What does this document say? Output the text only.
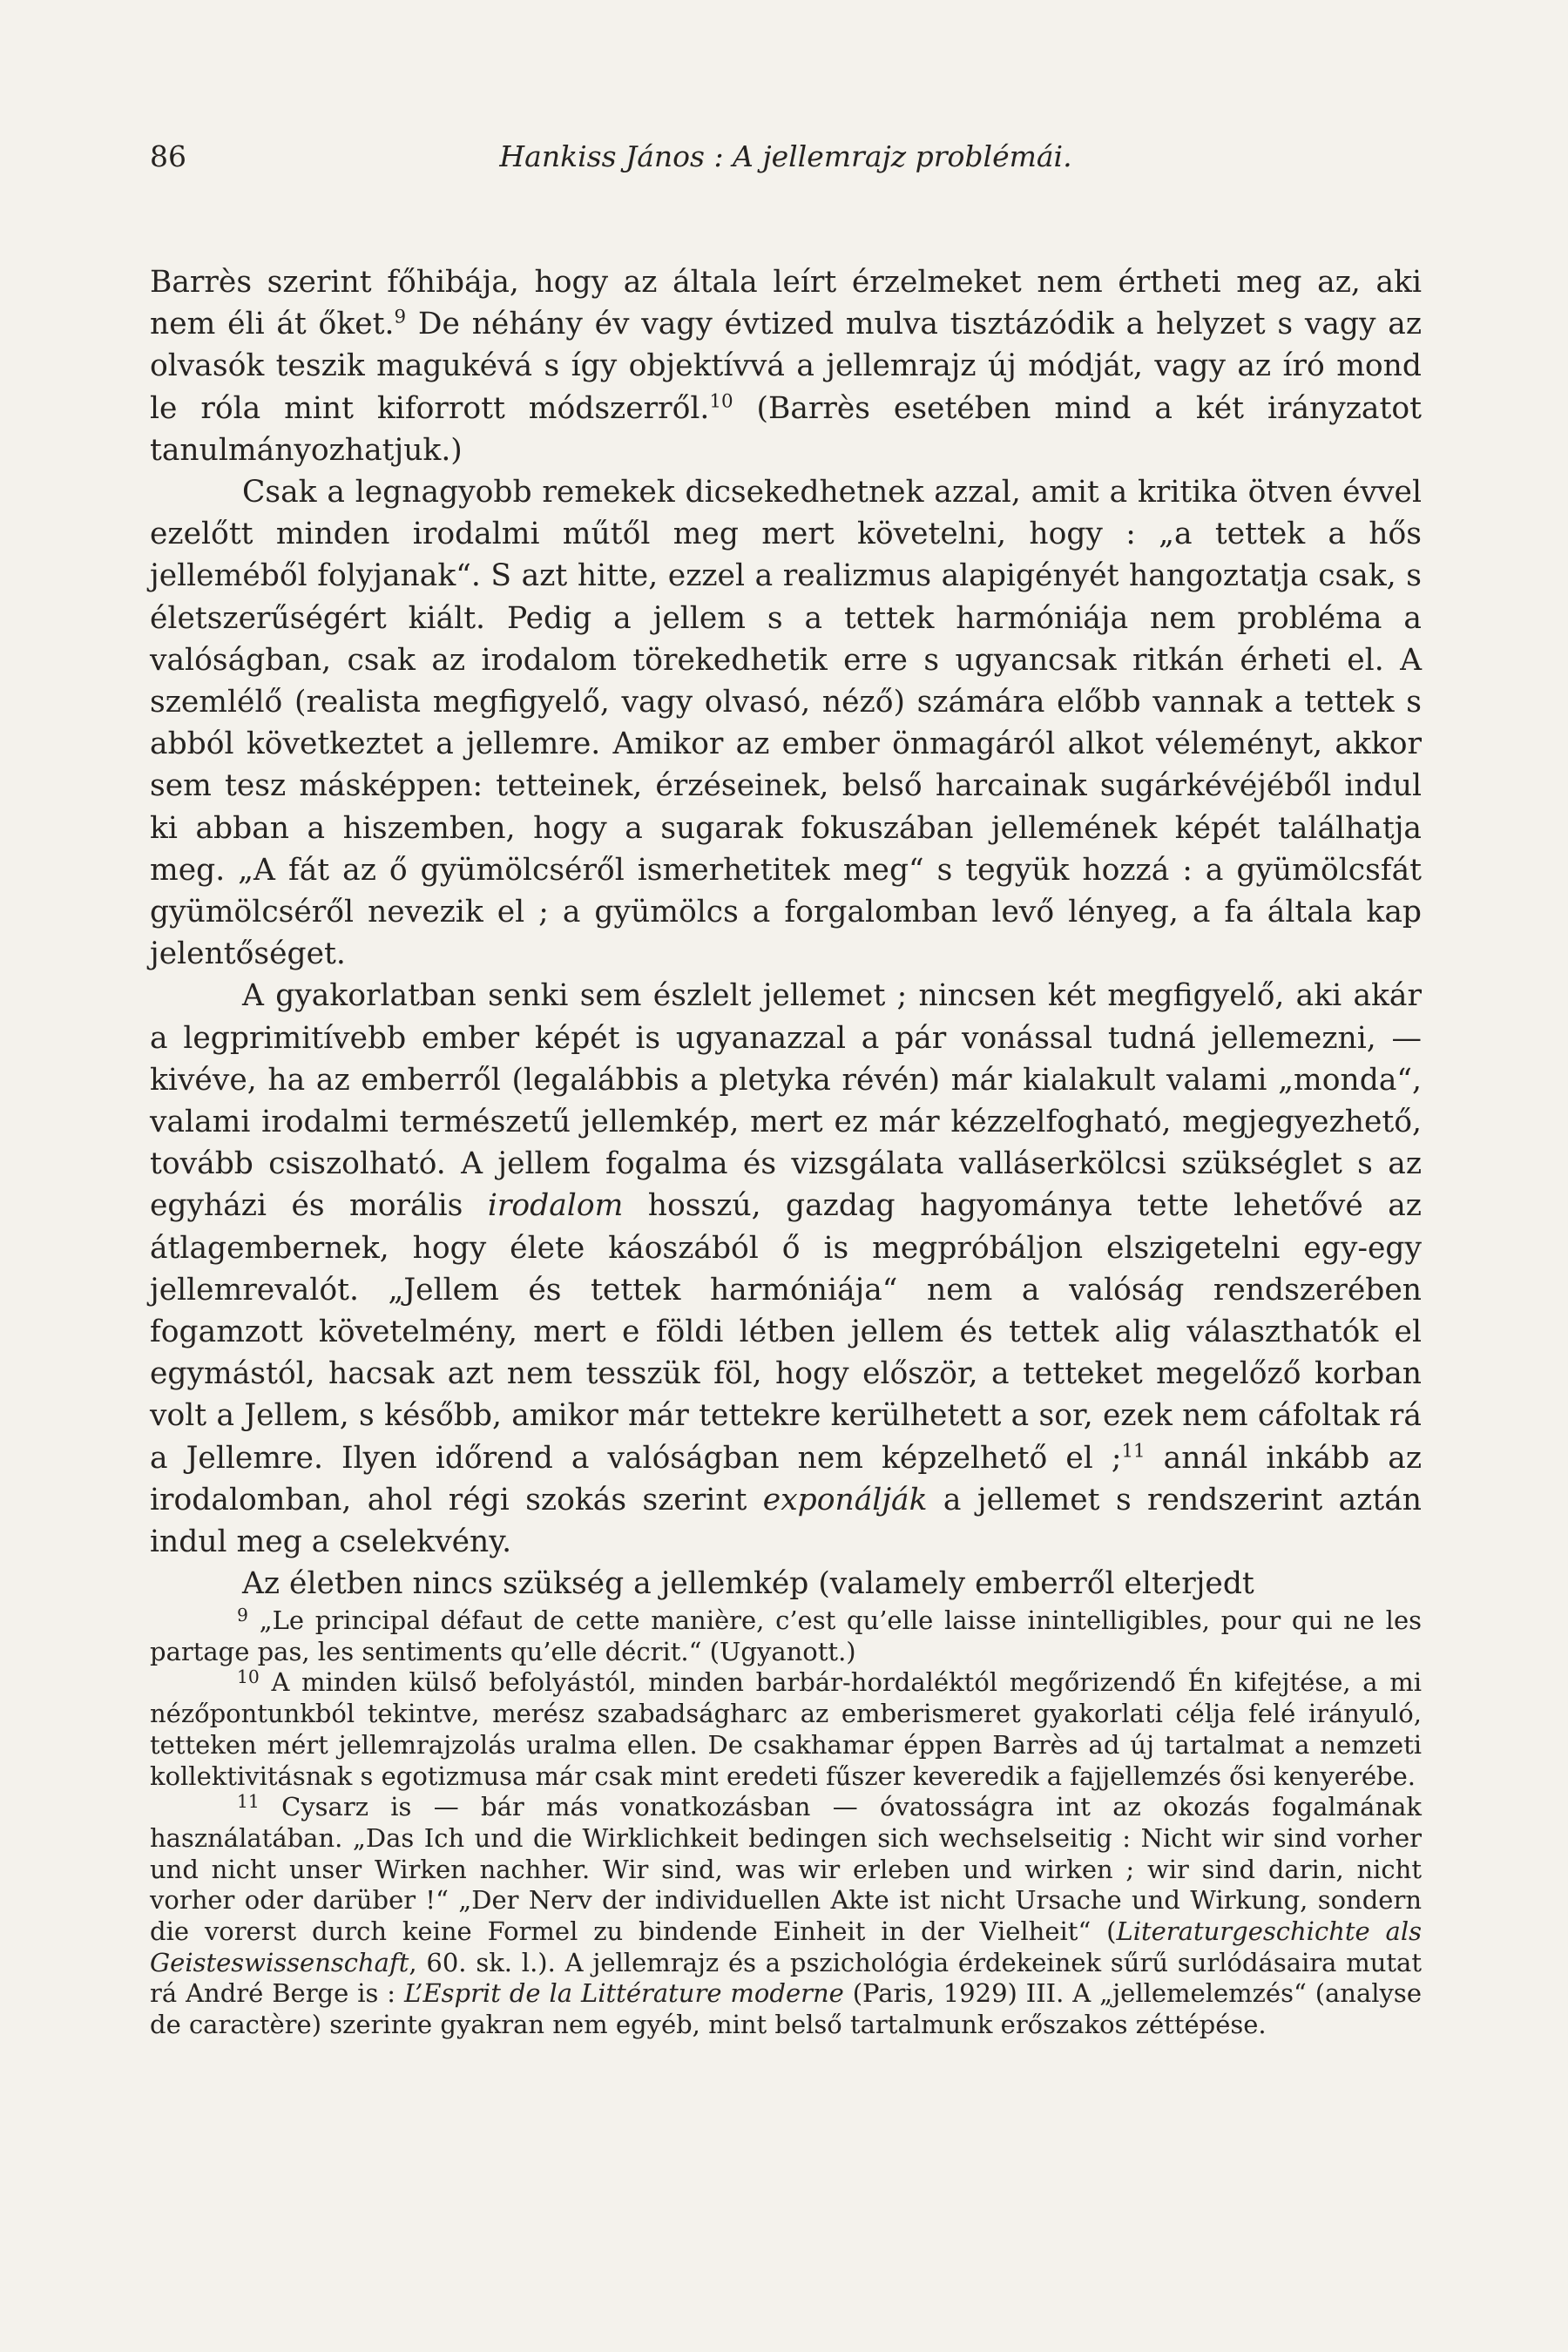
86	Hankiss János : A jellemrajz problémái.

Barrès szerint főhibája, hogy az általa leírt érzelmeket nem értheti meg az, aki nem éli át őket.$^9$ De néhány év vagy évtized mulva tisztázódik a helyzet s vagy az olvasók teszik magukévá s így objektívvá a jellemrajz új módját, vagy az író mond le róla mint kiforrott módszerről.$^{10}$ (Barrès esetében mind a két irányzatot tanulmányozhatjuk.)

Csak a legnagyobb remekek dicsekedhetnek azzal, amit a kritika ötven évvel ezelőtt minden irodalmi műtől meg mert követelni, hogy : „a tettek a hős jelleméből folyjanak“. S azt hitte, ezzel a realizmus alapigényét hangoztatja csak, s életszerűségért kiált. Pedig a jellem s a tettek harmóniája nem probléma a valóságban, csak az irodalom törekedhetik erre s ugyancsak ritkán érheti el. A szemlélő (realista megfigyelő, vagy olvasó, néző) számára előbb vannak a tettek s abból következtet a jellemre. Amikor az ember önmagáról alkot véleményt, akkor sem tesz másképpen: tetteinek, érzéseinek, belső harcainak sugárkévéjéből indul ki abban a hiszemben, hogy a sugarak fokuszában jellemének képét találhatja meg. „A fát az ő gyümölcséről ismerhetitek meg“ s tegyük hozzá : a gyümölcsfát gyümölcséről nevezik el ; a gyümölcs a forgalomban levő lényeg, a fa általa kap jelentőséget.

A gyakorlatban senki sem észlelt jellemet ; nincsen két megfigyelő, aki akár a legprimitívebb ember képét is ugyanazzal a pár vonással tudná jellemezni, — kivéve, ha az emberről (legalábbis a pletyka révén) már kialakult valami „monda“, valami irodalmi természetű jellemkép, mert ez már kézzelfogható, megjegyezhető, tovább csiszolható. A jellem fogalma és vizsgálata valláserkölcsi szükséglet s az egyházi és morális irodalom hosszú, gazdag hagyománya tette lehetővé az átlagembernek, hogy élete káoszából ő is megpróbáljon elszigetelni egy-egy jellemrevalót. „Jellem és tettek harmóniája“ nem a valóság rendszerében fogamzott követelmény, mert e földi létben jellem és tettek alig választhatók el egymástól, hacsak azt nem tesszük föl, hogy először, a tetteket megelőző korban volt a Jellem, s később, amikor már tettekre kerülhetett a sor, ezek nem cáfoltak rá a Jellemre. Ilyen időrend a valóságban nem képzelhető el ;$^{11}$ annál inkább az irodalomban, ahol régi szokás szerint exponálják a jellemet s rendszerint aztán indul meg a cselekvény.

Az életben nincs szükség a jellemkép (valamely emberről elterjedt

$^9$ „Le principal défaut de cette manière, c’est qu’elle laisse inintelligibles, pour qui ne les partage pas, les sentiments qu’elle décrit.“ (Ugyanott.)

$^{10}$ A minden külső befolyástól, minden barbár-hordaléktól megőrizendő Én kifejtése, a mi nézőpontunkból tekintve, merész szabadságharc az emberismeret gyakorlati célja felé irányuló, tetteken mért jellemrajzolás uralma ellen. De csakhamar éppen Barrès ad új tartalmat a nemzeti kollektivitásnak s egotizmusa már csak mint eredeti fűszer keveredik a fajjellemzés ősi kenyerébe.

$^{11}$ Cysarz is — bár más vonatkozásban — óvatosságra int az okozás fogalmának használatában. „Das Ich und die Wirklichkeit bedingen sich wechselseitig : Nicht wir sind vorher und nicht unser Wirken nachher. Wir sind, was wir erleben und wirken ; wir sind darin, nicht vorher oder darüber !“ „Der Nerv der individuellen Akte ist nicht Ursache und Wirkung, sondern die vorerst durch keine Formel zu bindende Einheit in der Vielheit“ (Literaturgeschichte als Geisteswissenschaft, 60. sk. l.). A jellemrajz és a pszichológia érdekeinek sűrű surlódásaira mutat rá André Berge is : L’Esprit de la Littérature moderne (Paris, 1929) III. A „jellemelemzés“ (analyse de caractère) szerinte gyakran nem egyéb, mint belső tartalmunk erőszakos zéttépése.
